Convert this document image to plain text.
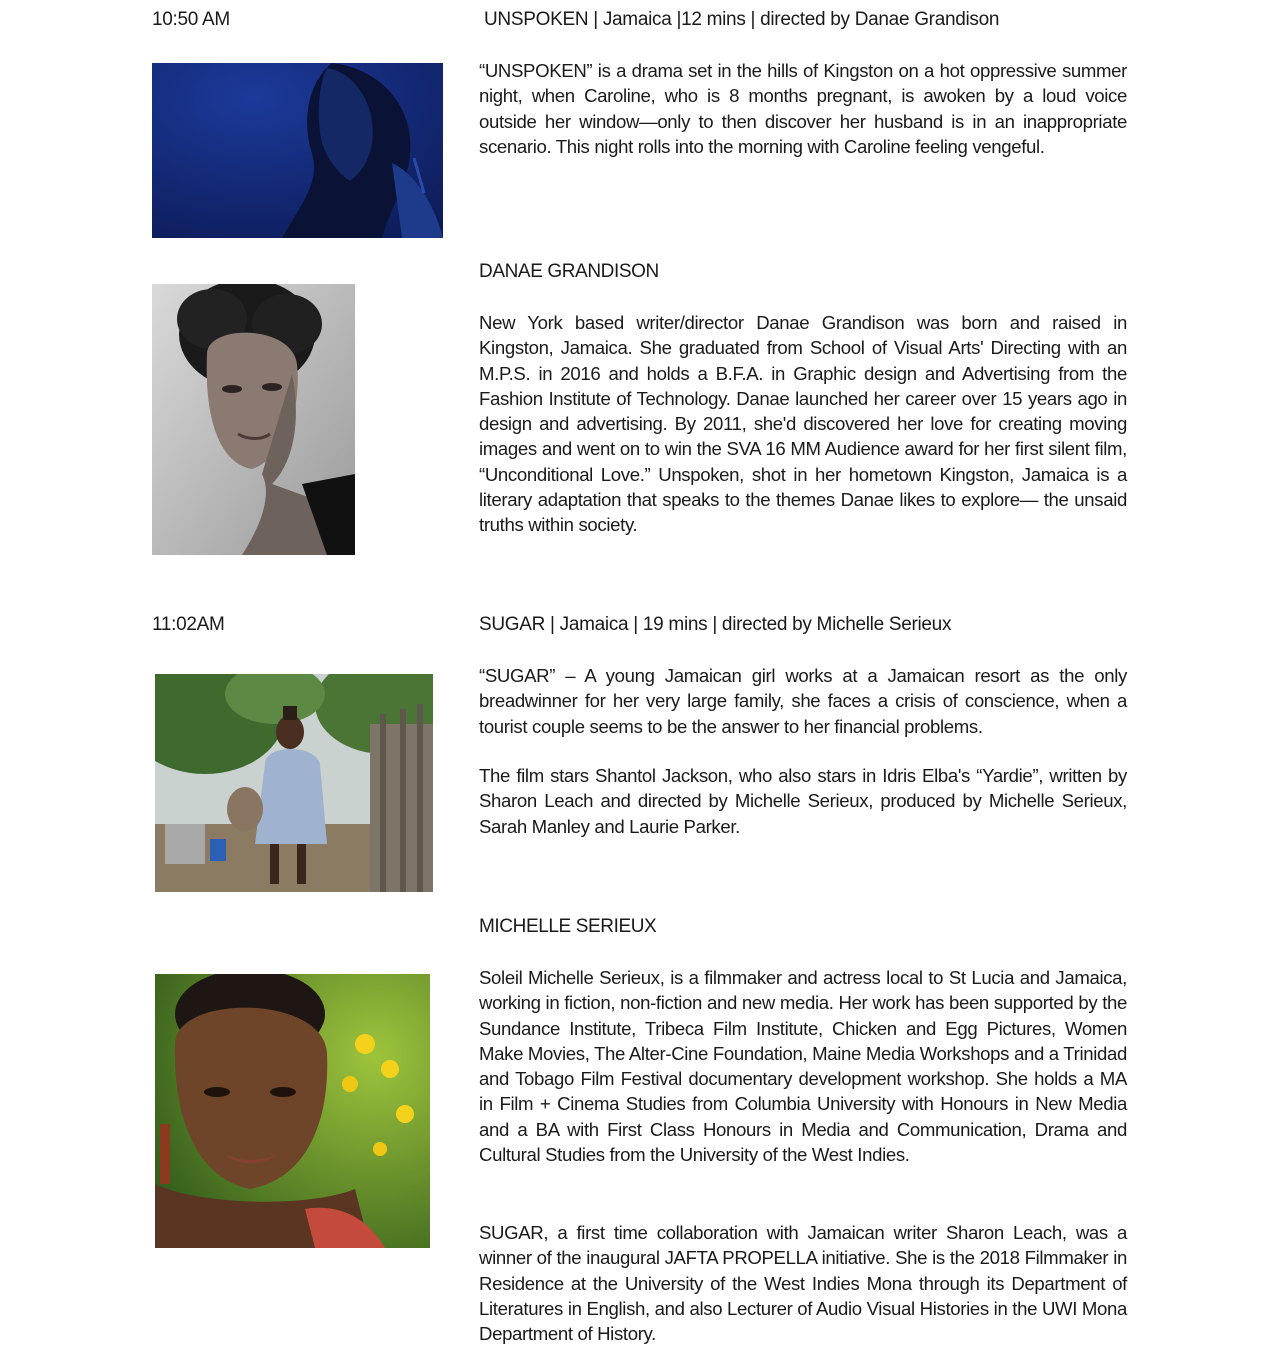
10:50 AM	UNSPOKEN | Jamaica |12 mins | directed by Danae Grandison

“UNSPOKEN” is a drama set in the hills of Kingston on a hot oppressive summer night, when Caroline, who is 8 months pregnant, is awoken by a loud voice outside her window—only to then discover her husband is in an inappropriate scenario. This night rolls into the morning with Caroline feeling vengeful.

DANAE GRANDISON

New York based writer/director Danae Grandison was born and raised in Kingston, Jamaica. She graduated from School of Visual Arts' Directing with an M.P.S. in 2016 and holds a B.F.A. in Graphic design and Advertising from the Fashion Institute of Technology. Danae launched her career over 15 years ago in design and advertising. By 2011, she'd discovered her love for creating moving images and went on to win the SVA 16 MM Audience award for her first silent film, “Unconditional Love.” Unspoken, shot in her hometown Kingston, Jamaica is a literary adaptation that speaks to the themes Danae likes to explore— the unsaid truths within society.

11:02AM	SUGAR | Jamaica | 19 mins | directed by Michelle Serieux

“SUGAR” – A young Jamaican girl works at a Jamaican resort as the only breadwinner for her very large family, she faces a crisis of conscience, when a tourist couple seems to be the answer to her financial problems.

The film stars Shantol Jackson, who also stars in Idris Elba's “Yardie”, written by Sharon Leach and directed by Michelle Serieux, produced by Michelle Serieux, Sarah Manley and Laurie Parker.

MICHELLE SERIEUX

Soleil Michelle Serieux, is a filmmaker and actress local to St Lucia and Jamaica, working in fiction, non-fiction and new media. Her work has been supported by the Sundance Institute, Tribeca Film Institute, Chicken and Egg Pictures, Women Make Movies, The Alter-Cine Foundation, Maine Media Workshops and a Trinidad and Tobago Film Festival documentary development workshop. She holds a MA in Film + Cinema Studies from Columbia University with Honours in New Media and a BA with First Class Honours in Media and Communication, Drama and Cultural Studies from the University of the West Indies.

SUGAR, a first time collaboration with Jamaican writer Sharon Leach, was a winner of the inaugural JAFTA PROPELLA initiative. She is the 2018 Filmmaker in Residence at the University of the West Indies Mona through its Department of Literatures in English, and also Lecturer of Audio Visual Histories in the UWI Mona Department of History.
